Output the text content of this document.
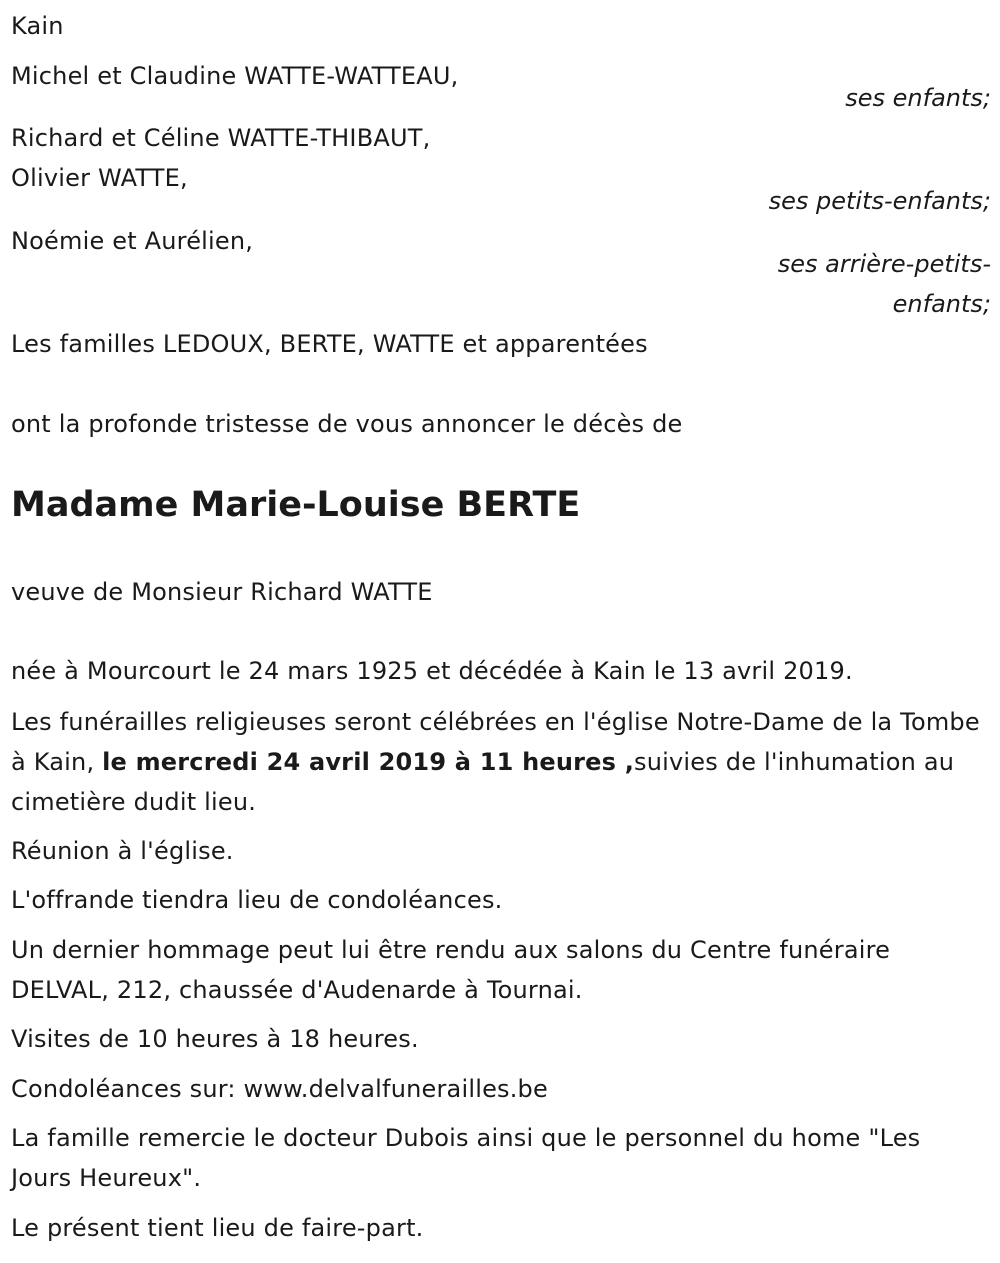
Kain
Michel et Claudine WATTE-WATTEAU,
ses enfants;
Richard et Céline WATTE-THIBAUT,
Olivier WATTE,
ses petits-enfants;
Noémie et Aurélien,
ses arrière-petits-
enfants;
Les familles LEDOUX, BERTE, WATTE et apparentées
ont la profonde tristesse de vous annoncer le décès de
Madame Marie-Louise BERTE
veuve de Monsieur Richard WATTE
née à Mourcourt le 24 mars 1925 et décédée à Kain le 13 avril 2019.
Les funérailles religieuses seront célébrées en l'église Notre-Dame de la Tombe à Kain, le mercredi 24 avril 2019 à 11 heures ,suivies de l'inhumation au cimetière dudit lieu.
Réunion à l'église.
L'offrande tiendra lieu de condoléances.
Un dernier hommage peut lui être rendu aux salons du Centre funéraire DELVAL, 212, chaussée d'Audenarde à Tournai.
Visites de 10 heures à 18 heures.
Condoléances sur: www.delvalfunerailles.be
La famille remercie le docteur Dubois ainsi que le personnel du home "Les Jours Heureux".
Le présent tient lieu de faire-part.
